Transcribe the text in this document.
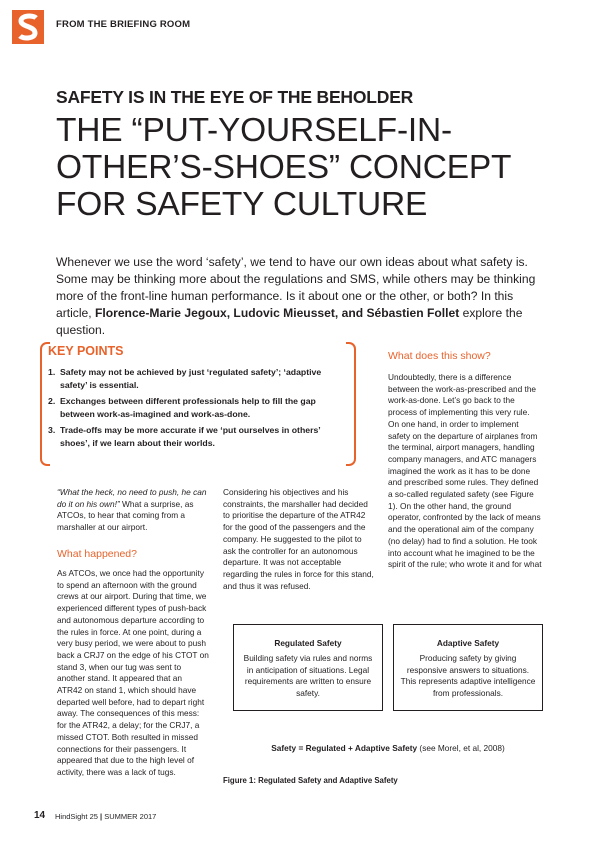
FROM THE BRIEFING ROOM
SAFETY IS IN THE EYE OF THE BEHOLDER
THE “PUT-YOURSELF-IN-OTHER’S-SHOES” CONCEPT FOR SAFETY CULTURE
Whenever we use the word ‘safety’, we tend to have our own ideas about what safety is. Some may be thinking more about the regulations and SMS, while others may be thinking more of the front-line human performance. Is it about one or the other, or both? In this article, Florence-Marie Jegoux, Ludovic Mieusset, and Sébastien Follet explore the question.
KEY POINTS
1. Safety may not be achieved by just ‘regulated safety’; ‘adaptive safety’ is essential.
2. Exchanges between different professionals help to fill the gap between work-as-imagined and work-as-done.
3. Trade-offs may be more accurate if we ‘put ourselves in others’ shoes’, if we learn about their worlds.
“What the heck, no need to push, he can do it on his own!” What a surprise, as ATCOs, to hear that coming from a marshaller at our airport.
What happened?

As ATCOs, we once had the opportunity to spend an afternoon with the ground crews at our airport. During that time, we experienced different types of push-back and autonomous departure according to the rules in force. At one point, during a very busy period, we were about to push back a CRJ7 on the edge of his CTOT on stand 3, when our tug was sent to another stand. It appeared that an ATR42 on stand 1, which should have departed well before, had to depart right away. The consequences of this mess: for the ATR42, a delay; for the CRJ7, a missed CTOT. Both resulted in missed connections for their passengers. It appeared that due to the high level of activity, there was a lack of tugs.

Considering his objectives and his constraints, the marshaller had decided to prioritise the departure of the ATR42 for the good of the passengers and the company. He suggested to the pilot to ask the controller for an autonomous departure. It was not acceptable regarding the rules in force for this stand, and thus it was refused.

What does this show?

Undoubtedly, there is a difference between the work-as-prescribed and the work-as-done. Let’s go back to the process of implementing this very rule. On one hand, in order to implement safety on the departure of airplanes from the terminal, airport managers, handling company managers, and ATC managers imagined the work as it has to be done and prescribed some rules. They defined a so-called regulated safety (see Figure 1). On the other hand, the ground operator, confronted by the lack of means and the operational aim of the company (no delay) had to find a solution. He took into account what he imagined to be the spirit of the rule; who wrote it and for what

Regulated Safety

Building safety via rules and norms in anticipation of situations. Legal requirements are written to ensure safety.

Adaptive Safety

Producing safety by giving responsive answers to situations. This represents adaptive intelligence from professionals.

Safety = Regulated + Adaptive Safety (see Morel, et al, 2008)
Figure 1: Regulated Safety and Adaptive Safety
14 HindSight 25 | SUMMER 2017
